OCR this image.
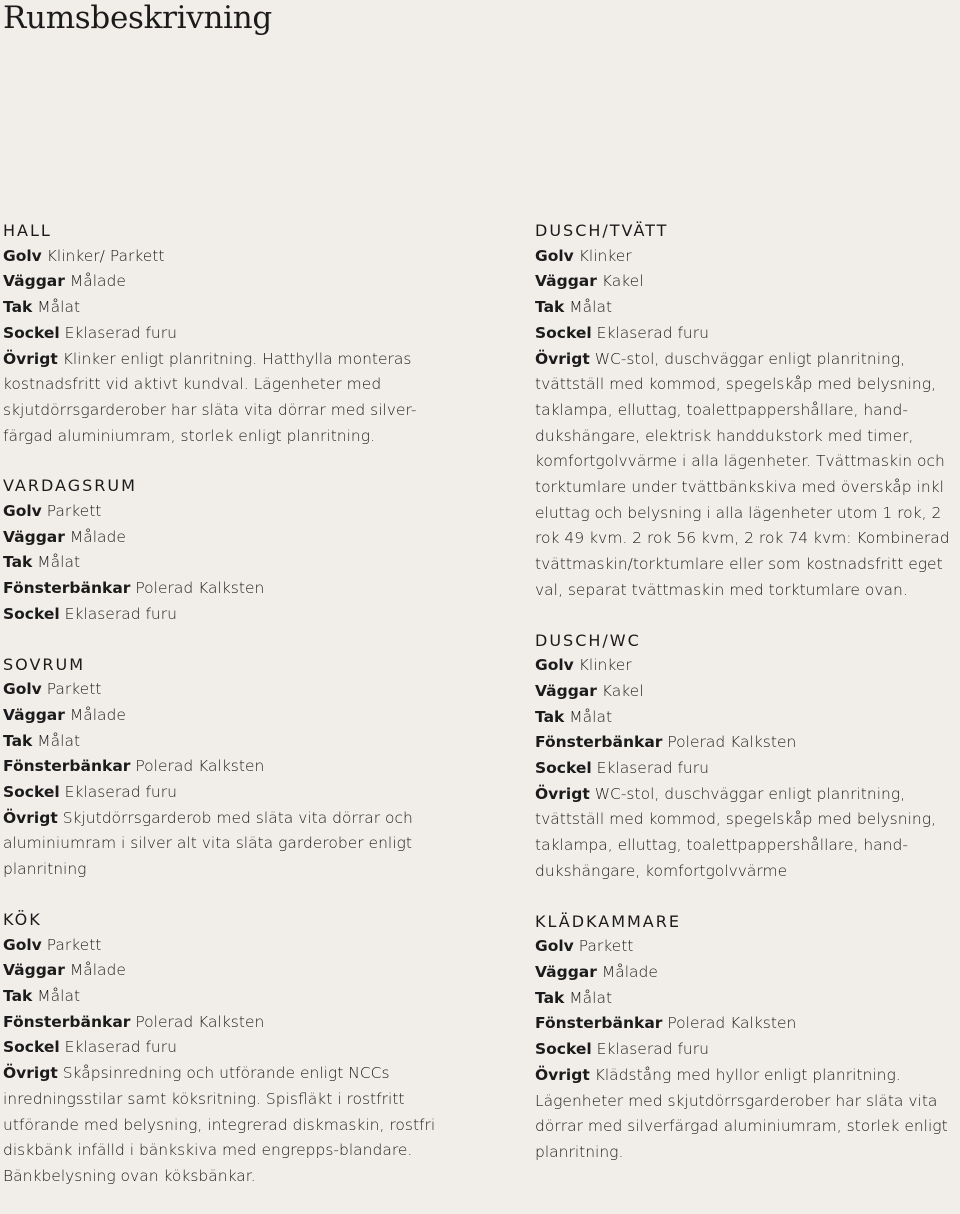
Rumsbeskrivning
HALL

Golv Klinker/ Parkett

Väggar Målade

Tak Målat

Sockel Eklaserad furu

Övrigt Klinker enligt planritning. Hatthylla monteras kostnadsfritt vid aktivt kundval. Lägenheter med skjutdörrsgarderober har släta vita dörrar med silver-färgad aluminiumram, storlek enligt planritning.

VARDAGSRUM

Golv Parkett

Väggar Målade

Tak Målat

Fönsterbänkar Polerad Kalksten

Sockel Eklaserad furu

SOVRUM

Golv Parkett

Väggar Målade

Tak Målat

Fönsterbänkar Polerad Kalksten

Sockel Eklaserad furu

Övrigt Skjutdörrsgarderob med släta vita dörrar och aluminiumram i silver alt vita släta garderober enligt planritning

KÖK

Golv Parkett

Väggar Målade

Tak Målat

Fönsterbänkar Polerad Kalksten

Sockel Eklaserad furu

Övrigt Skåpsinredning och utförande enligt NCCs inredningsstilar samt köksritning. Spisfläkt i rostfritt utförande med belysning, integrerad diskmaskin, rostfri diskbänk infälld i bänkskiva med engrepps-blandare. Bänkbelysning ovan köksbänkar.

DUSCH/TVÄTT

Golv Klinker

Väggar Kakel

Tak Målat

Sockel Eklaserad furu

Övrigt WC-stol, duschväggar enligt planritning, tvättställ med kommod, spegelskåp med belysning, taklampa, elluttag, toalettpappershållare, hand-dukshängare, elektrisk handdukstork med timer, komfortgolvvärme i alla lägenheter. Tvättmaskin och torktumlare under tvättbänkskiva med överskåp inkl eluttag och belysning i alla lägenheter utom 1 rok, 2 rok 49 kvm. 2 rok 56 kvm, 2 rok 74 kvm: Kombinerad tvättmaskin/torktumlare eller som kostnadsfritt eget val, separat tvättmaskin med torktumlare ovan.

DUSCH/WC

Golv Klinker

Väggar Kakel

Tak Målat

Fönsterbänkar Polerad Kalksten

Sockel Eklaserad furu

Övrigt WC-stol, duschväggar enligt planritning, tvättställ med kommod, spegelskåp med belysning, taklampa, elluttag, toalettpappershållare, hand-dukshängare, komfortgolvvärme

KLÄDKAMMARE

Golv Parkett

Väggar Målade

Tak Målat

Fönsterbänkar Polerad Kalksten

Sockel Eklaserad furu

Övrigt Klädstång med hyllor enligt planritning. Lägenheter med skjutdörrsgarderober har släta vita dörrar med silverfärgad aluminiumram, storlek enligt planritning.
